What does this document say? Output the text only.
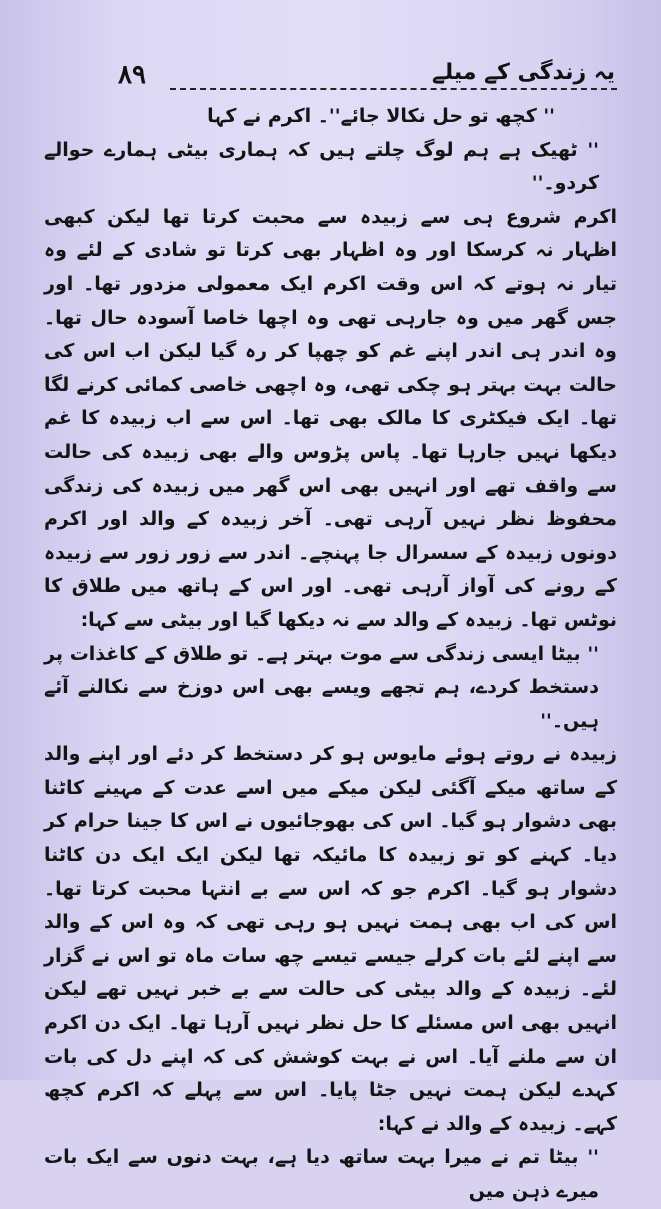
۸۹	یہ زندگی کے میلے

'' کچھ تو حل نکالا جائے''۔ اکرم نے کہا

'' ٹھیک ہے ہم لوگ چلتے ہیں کہ ہماری بیٹی ہمارے حوالے کردو۔''

اکرم شروع ہی سے زبیدہ سے محبت کرتا تھا لیکن کبھی اظہار نہ کرسکا اور وہ اظہار بھی کرتا تو شادی کے لئے وہ تیار نہ ہوتے کہ اس وقت اکرم ایک معمولی مزدور تھا۔ اور جس گھر میں وہ جارہی تھی وہ اچھا خاصا آسودہ حال تھا۔ وہ اندر ہی اندر اپنے غم کو چھپا کر رہ گیا لیکن اب اس کی حالت بہت بہتر ہو چکی تھی، وہ اچھی خاصی کمائی کرنے لگا تھا۔ ایک فیکٹری کا مالک بھی تھا۔ اس سے اب زبیدہ کا غم دیکھا نہیں جارہا تھا۔ پاس پڑوس والے بھی زبیدہ کی حالت سے واقف تھے اور انہیں بھی اس گھر میں زبیدہ کی زندگی محفوظ نظر نہیں آرہی تھی۔ آخر زبیدہ کے والد اور اکرم دونوں زبیدہ کے سسرال جا پہنچے۔ اندر سے زور زور سے زبیدہ کے رونے کی آواز آرہی تھی۔ اور اس کے ہاتھ میں طلاق کا نوٹس تھا۔ زبیدہ کے والد سے نہ دیکھا گیا اور بیٹی سے کہا:

'' بیٹا ایسی زندگی سے موت بہتر ہے۔ تو طلاق کے کاغذات پر دستخط کردے، ہم تجھے ویسے بھی اس دوزخ سے نکالنے آئے ہیں۔''

زبیدہ نے روتے ہوئے مایوس ہو کر دستخط کر دئے اور اپنے والد کے ساتھ میکے آگئی لیکن میکے میں اسے عدت کے مہینے کاٹنا بھی دشوار ہو گیا۔ اس کی بھوجائیوں نے اس کا جینا حرام کر دیا۔ کہنے کو تو زبیدہ کا مائیکہ تھا لیکن ایک ایک دن کاٹنا دشوار ہو گیا۔ اکرم جو کہ اس سے بے انتہا محبت کرتا تھا۔ اس کی اب بھی ہمت نہیں ہو رہی تھی کہ وہ اس کے والد سے اپنے لئے بات کرلے جیسے تیسے چھ سات ماہ تو اس نے گزار لئے۔ زبیدہ کے والد بیٹی کی حالت سے بے خبر نہیں تھے لیکن انہیں بھی اس مسئلے کا حل نظر نہیں آرہا تھا۔ ایک دن اکرم ان سے ملنے آیا۔ اس نے بہت کوشش کی کہ اپنے دل کی بات کہدے لیکن ہمت نہیں جٹا پایا۔ اس سے پہلے کہ اکرم کچھ کہے۔ زبیدہ کے والد نے کہا:

'' بیٹا تم نے میرا بہت ساتھ دیا ہے، بہت دنوں سے ایک بات میرے ذہن میں
